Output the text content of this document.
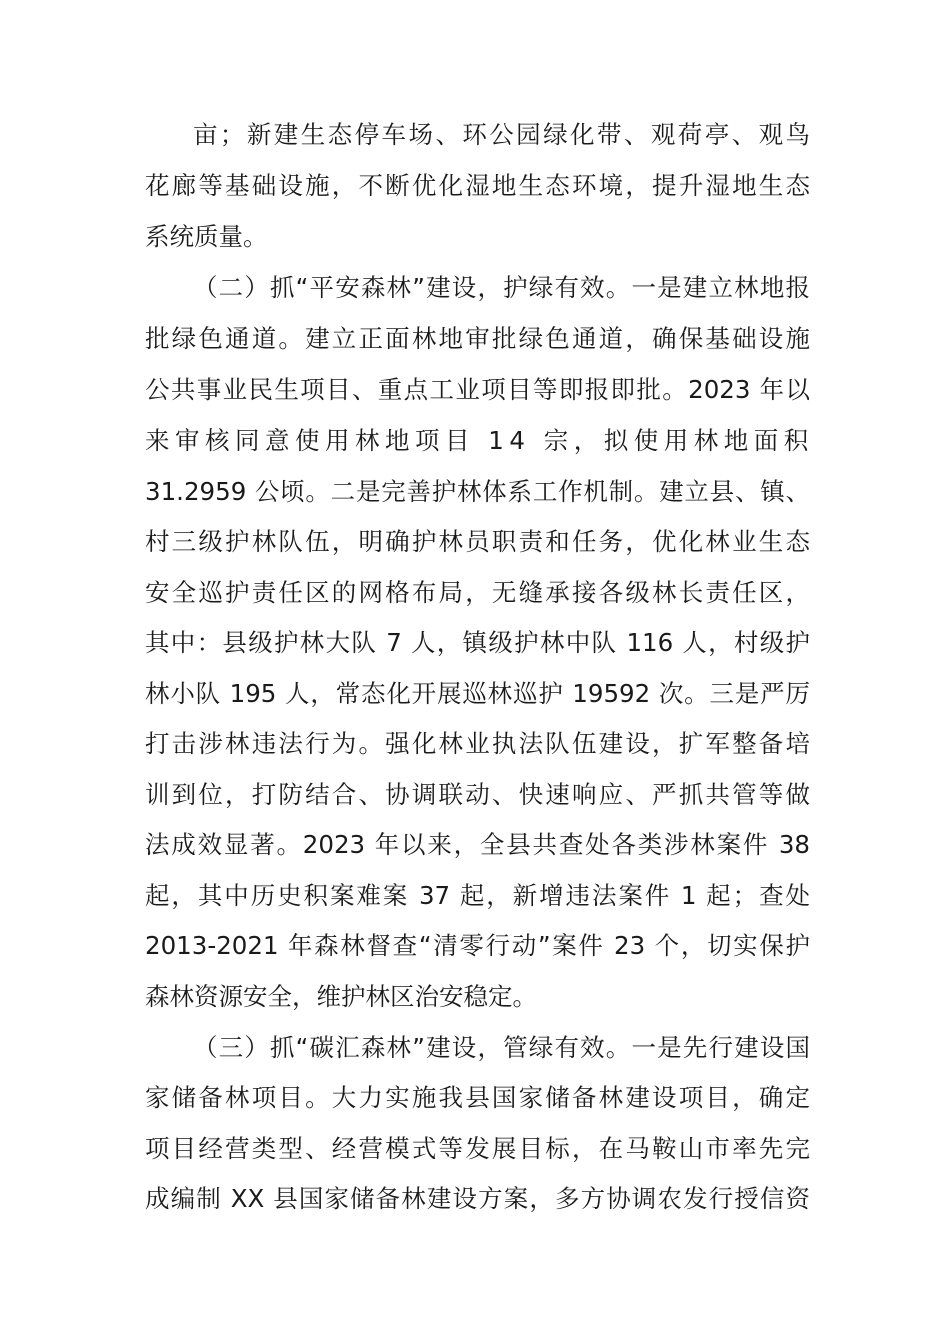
亩；新建生态停车场、环公园绿化带、观荷亭、观鸟
花廊等基础设施，不断优化湿地生态环境，提升湿地生态
系统质量。
（二）抓“平安森林”建设，护绿有效。一是建立林地报
批绿色通道。建立正面林地审批绿色通道，确保基础设施
公共事业民生项目、重点工业项目等即报即批。2023 年以
来审核同意使用林地项目 14 宗，拟使用林地面积
31.2959 公顷。二是完善护林体系工作机制。建立县、镇、
村三级护林队伍，明确护林员职责和任务，优化林业生态
安全巡护责任区的网格布局，无缝承接各级林长责任区，
其中：县级护林大队 7 人，镇级护林中队 116 人，村级护
林小队 195 人，常态化开展巡林巡护 19592 次。三是严厉
打击涉林违法行为。强化林业执法队伍建设，扩军整备培
训到位，打防结合、协调联动、快速响应、严抓共管等做
法成效显著。2023 年以来，全县共查处各类涉林案件 38
起，其中历史积案难案 37 起，新增违法案件 1 起；查处
2013-2021 年森林督查“清零行动”案件 23 个，切实保护
森林资源安全，维护林区治安稳定。
（三）抓“碳汇森林”建设，管绿有效。一是先行建设国
家储备林项目。大力实施我县国家储备林建设项目，确定
项目经营类型、经营模式等发展目标，在马鞍山市率先完
成编制 XX 县国家储备林建设方案，多方协调农发行授信资
